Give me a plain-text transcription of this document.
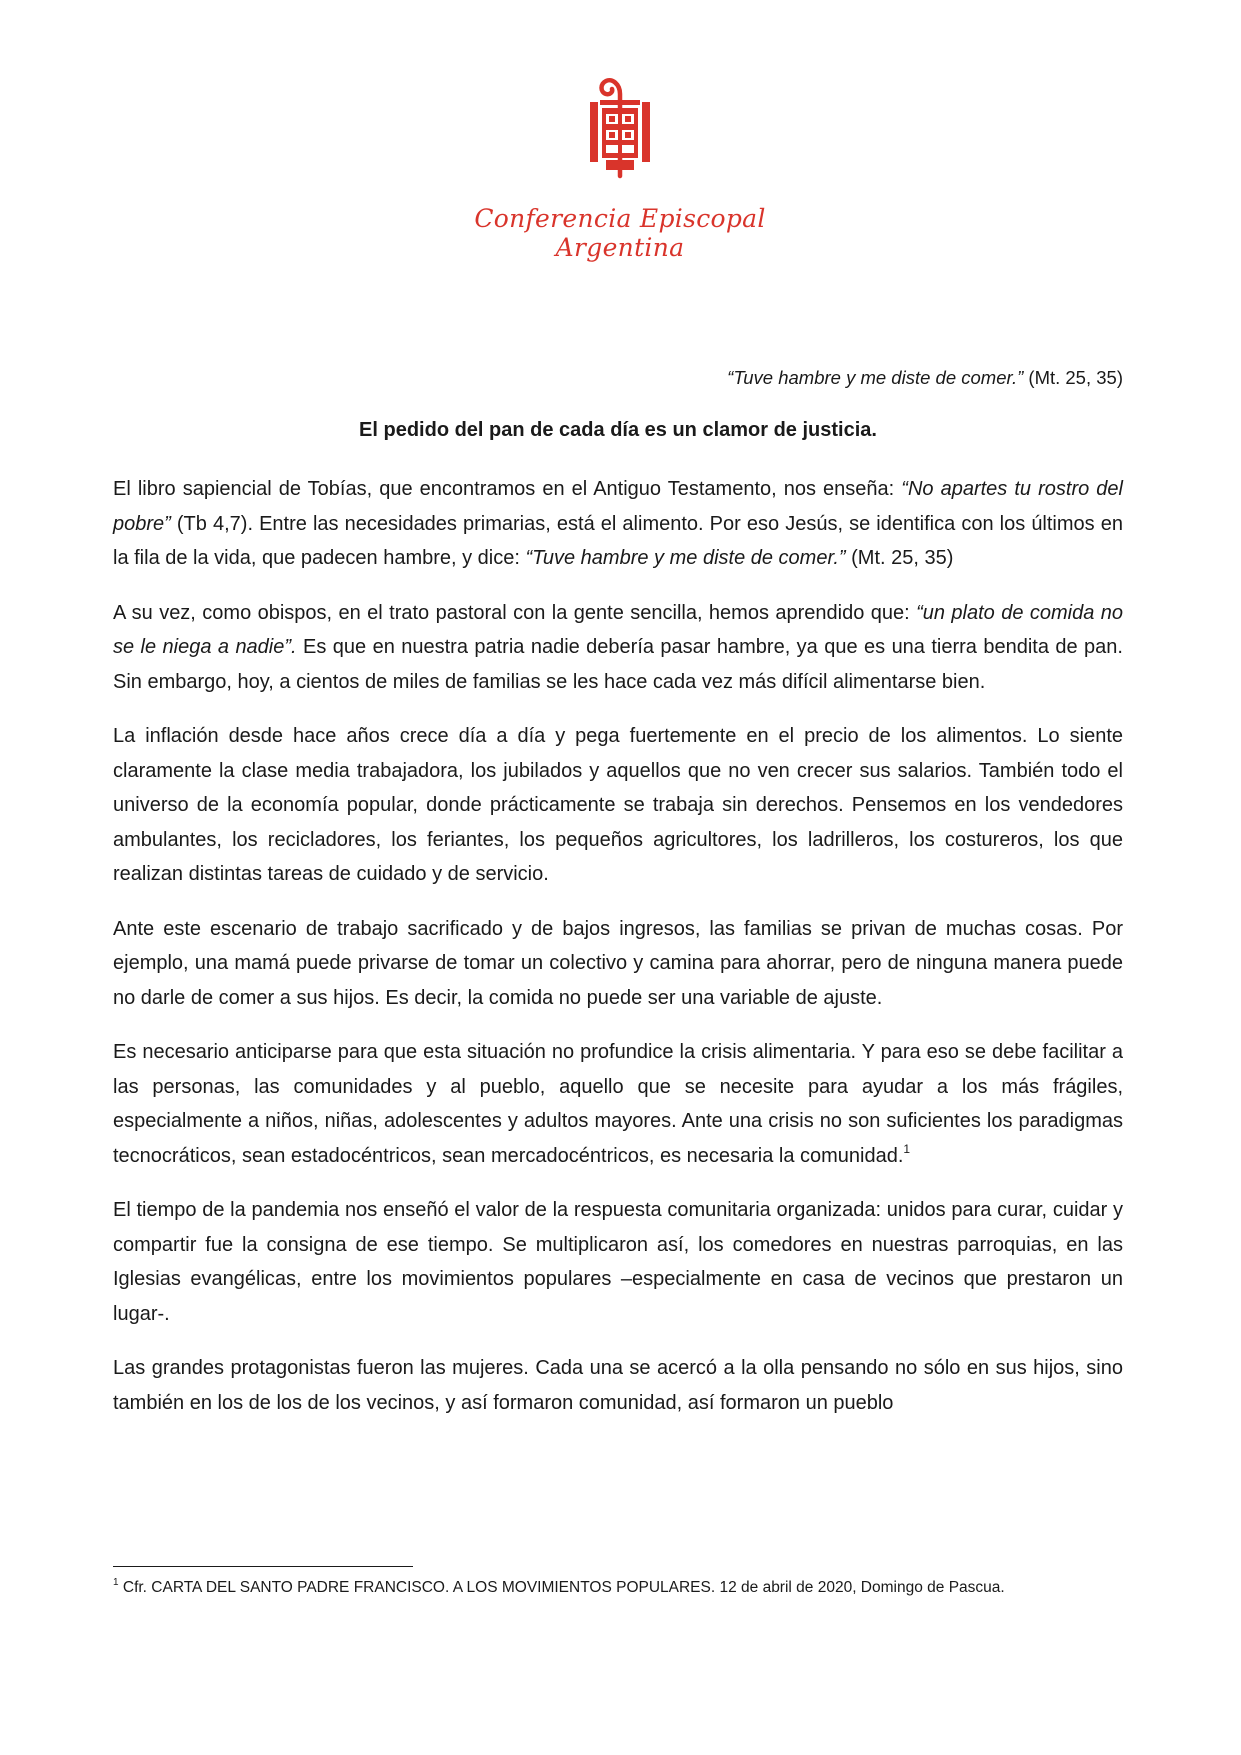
Conferencia Episcopal Argentina
“Tuve hambre y me diste de comer.” (Mt. 25, 35)
El pedido del pan de cada día es un clamor de justicia.

El libro sapiencial de Tobías, que encontramos en el Antiguo Testamento, nos enseña: “No apartes tu rostro del pobre” (Tb 4,7). Entre las necesidades primarias, está el alimento. Por eso Jesús, se identifica con los últimos en la fila de la vida, que padecen hambre, y dice: “Tuve hambre y me diste de comer.” (Mt. 25, 35)

A su vez, como obispos, en el trato pastoral con la gente sencilla, hemos aprendido que: “un plato de comida no se le niega a nadie”. Es que en nuestra patria nadie debería pasar hambre, ya que es una tierra bendita de pan. Sin embargo, hoy, a cientos de miles de familias se les hace cada vez más difícil alimentarse bien.

La inflación desde hace años crece día a día y pega fuertemente en el precio de los alimentos. Lo siente claramente la clase media trabajadora, los jubilados y aquellos que no ven crecer sus salarios. También todo el universo de la economía popular, donde prácticamente se trabaja sin derechos. Pensemos en los vendedores ambulantes, los recicladores, los feriantes, los pequeños agricultores, los ladrilleros, los costureros, los que realizan distintas tareas de cuidado y de servicio.

Ante este escenario de trabajo sacrificado y de bajos ingresos, las familias se privan de muchas cosas. Por ejemplo, una mamá puede privarse de tomar un colectivo y camina para ahorrar, pero de ninguna manera puede no darle de comer a sus hijos. Es decir, la comida no puede ser una variable de ajuste.

Es necesario anticiparse para que esta situación no profundice la crisis alimentaria. Y para eso se debe facilitar a las personas, las comunidades y al pueblo, aquello que se necesite para ayudar a los más frágiles, especialmente a niños, niñas, adolescentes y adultos mayores. Ante una crisis no son suficientes los paradigmas tecnocráticos, sean estadocéntricos, sean mercadocéntricos, es necesaria la comunidad.$^1$

El tiempo de la pandemia nos enseñó el valor de la respuesta comunitaria organizada: unidos para curar, cuidar y compartir fue la consigna de ese tiempo. Se multiplicaron así, los comedores en nuestras parroquias, en las Iglesias evangélicas, entre los movimientos populares –especialmente en casa de vecinos que prestaron un lugar-.

Las grandes protagonistas fueron las mujeres. Cada una se acercó a la olla pensando no sólo en sus hijos, sino también en los de los de los vecinos, y así formaron comunidad, así formaron un pueblo

$^1$ Cfr. CARTA DEL SANTO PADRE FRANCISCO. A LOS MOVIMIENTOS POPULARES. 12 de abril de 2020, Domingo de Pascua.
